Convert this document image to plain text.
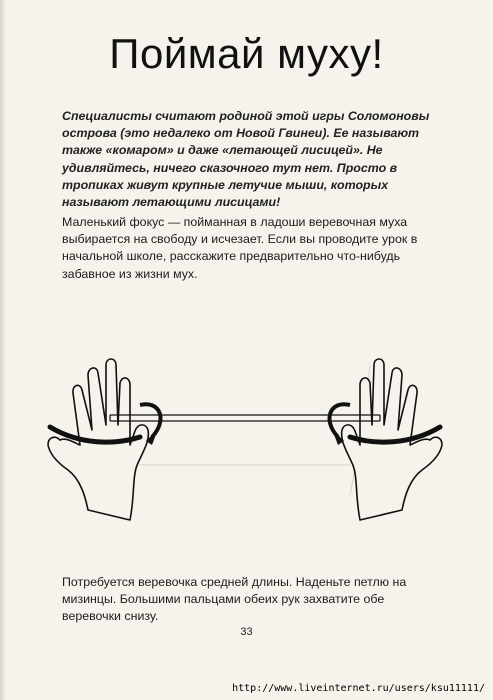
Поймай муху!
Специалисты считают родиной этой игры Соломоновы острова (это недалеко от Новой Гвинеи). Ее называют также «комаром» и даже «летающей лисицей». Не удивляйтесь, ничего сказочного тут нет. Просто в тропиках живут крупные летучие мыши, которых называют летающими лисицами!
Маленький фокус — пойманная в ладоши веревочная муха выбирается на свободу и исчезает. Если вы проводите урок в начальной школе, расскажите предварительно что-нибудь забавное из жизни мух.
Потребуется веревочка средней длины. Наденьте петлю на мизинцы. Большими пальцами обеих рук захватите обе веревочки снизу.
33
http://www.liveinternet.ru/users/ksu11111/
